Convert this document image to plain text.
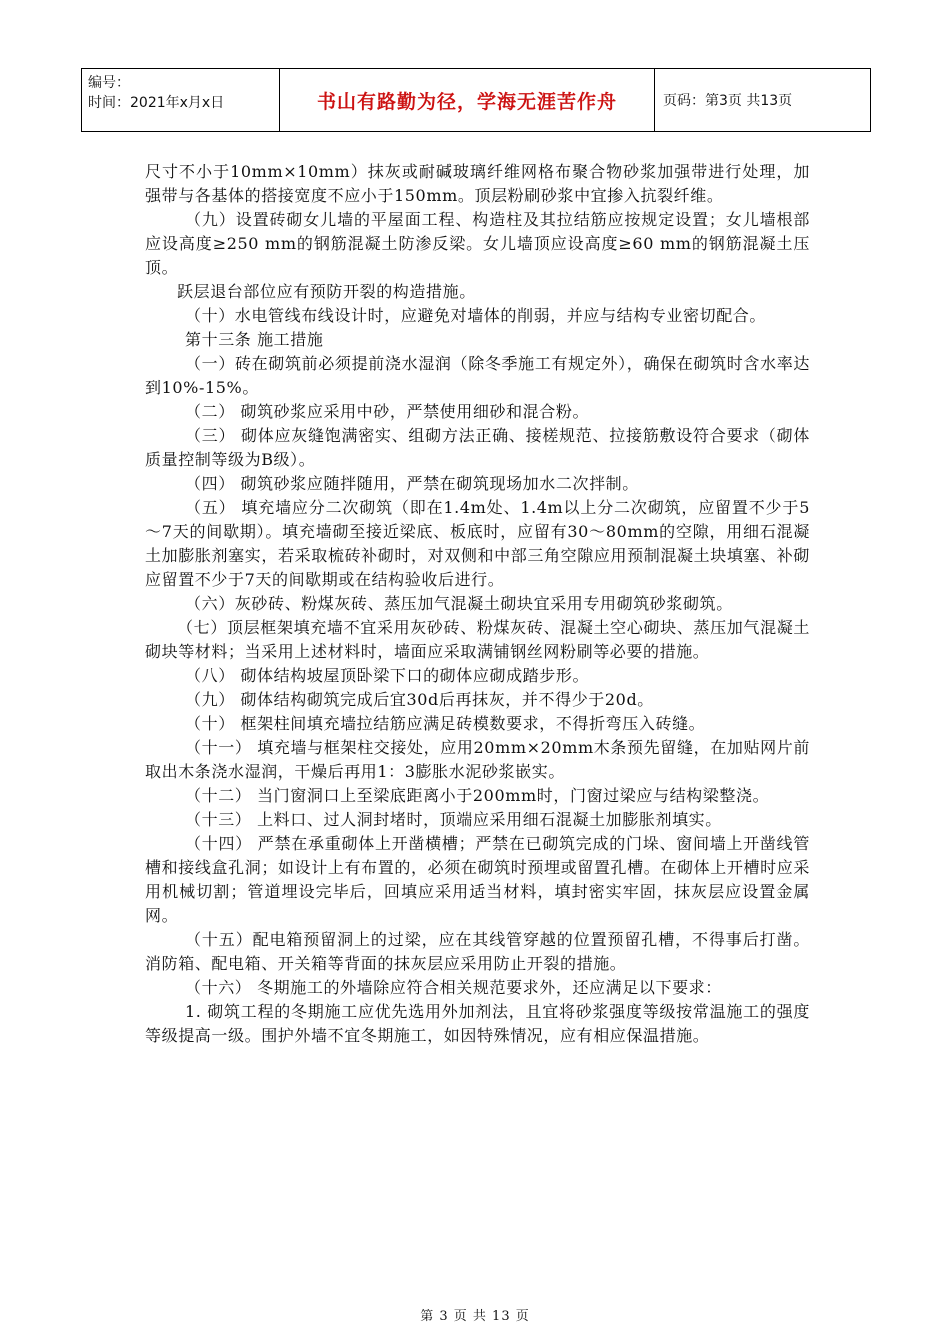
编号：
时间：2021年x月x日	书山有路勤为径，学海无涯苦作舟	页码：第3页 共13页

尺寸不小于10mm×10mm）抹灰或耐碱玻璃纤维网格布聚合物砂浆加强带进行处理，加强带与各基体的搭接宽度不应小于150mm。顶层粉刷砂浆中宜掺入抗裂纤维。

（九）设置砖砌女儿墙的平屋面工程、构造柱及其拉结筋应按规定设置；女儿墙根部应设高度≥250 mm的钢筋混凝土防渗反梁。女儿墙顶应设高度≥60 mm的钢筋混凝土压顶。

跃层退台部位应有预防开裂的构造措施。

（十）水电管线布线设计时，应避免对墙体的削弱，并应与结构专业密切配合。

第十三条 施工措施

（一）砖在砌筑前必须提前浇水湿润（除冬季施工有规定外），确保在砌筑时含水率达到10%-15%。

（二） 砌筑砂浆应采用中砂，严禁使用细砂和混合粉。

（三） 砌体应灰缝饱满密实、组砌方法正确、接槎规范、拉接筋敷设符合要求（砌体质量控制等级为B级）。

（四） 砌筑砂浆应随拌随用，严禁在砌筑现场加水二次拌制。

（五） 填充墙应分二次砌筑（即在1.4m处、1.4m以上分二次砌筑，应留置不少于5～7天的间歇期）。填充墙砌至接近梁底、板底时，应留有30～80mm的空隙，用细石混凝土加膨胀剂塞实，若采取梳砖补砌时，对双侧和中部三角空隙应用预制混凝土块填塞、补砌应留置不少于7天的间歇期或在结构验收后进行。

（六）灰砂砖、粉煤灰砖、蒸压加气混凝土砌块宜采用专用砌筑砂浆砌筑。

（七）顶层框架填充墙不宜采用灰砂砖、粉煤灰砖、混凝土空心砌块、蒸压加气混凝土砌块等材料；当采用上述材料时，墙面应采取满铺钢丝网粉刷等必要的措施。

（八） 砌体结构坡屋顶卧梁下口的砌体应砌成踏步形。

（九） 砌体结构砌筑完成后宜30d后再抹灰，并不得少于20d。

（十） 框架柱间填充墙拉结筋应满足砖模数要求，不得折弯压入砖缝。

（十一） 填充墙与框架柱交接处，应用20mm×20mm木条预先留缝，在加贴网片前取出木条浇水湿润，干燥后再用1：3膨胀水泥砂浆嵌实。

（十二） 当门窗洞口上至梁底距离小于200mm时，门窗过梁应与结构梁整浇。

（十三） 上料口、过人洞封堵时，顶端应采用细石混凝土加膨胀剂填实。

（十四） 严禁在承重砌体上开凿横槽；严禁在已砌筑完成的门垛、窗间墙上开凿线管槽和接线盒孔洞；如设计上有布置的，必须在砌筑时预埋或留置孔槽。在砌体上开槽时应采用机械切割；管道埋设完毕后，回填应采用适当材料，填封密实牢固，抹灰层应设置金属网。

（十五）配电箱预留洞上的过梁，应在其线管穿越的位置预留孔槽，不得事后打凿。消防箱、配电箱、开关箱等背面的抹灰层应采用防止开裂的措施。

（十六） 冬期施工的外墙除应符合相关规范要求外，还应满足以下要求：

1. 砌筑工程的冬期施工应优先选用外加剂法，且宜将砂浆强度等级按常温施工的强度等级提高一级。围护外墙不宜冬期施工，如因特殊情况，应有相应保温措施。

第 3 页 共 13 页
